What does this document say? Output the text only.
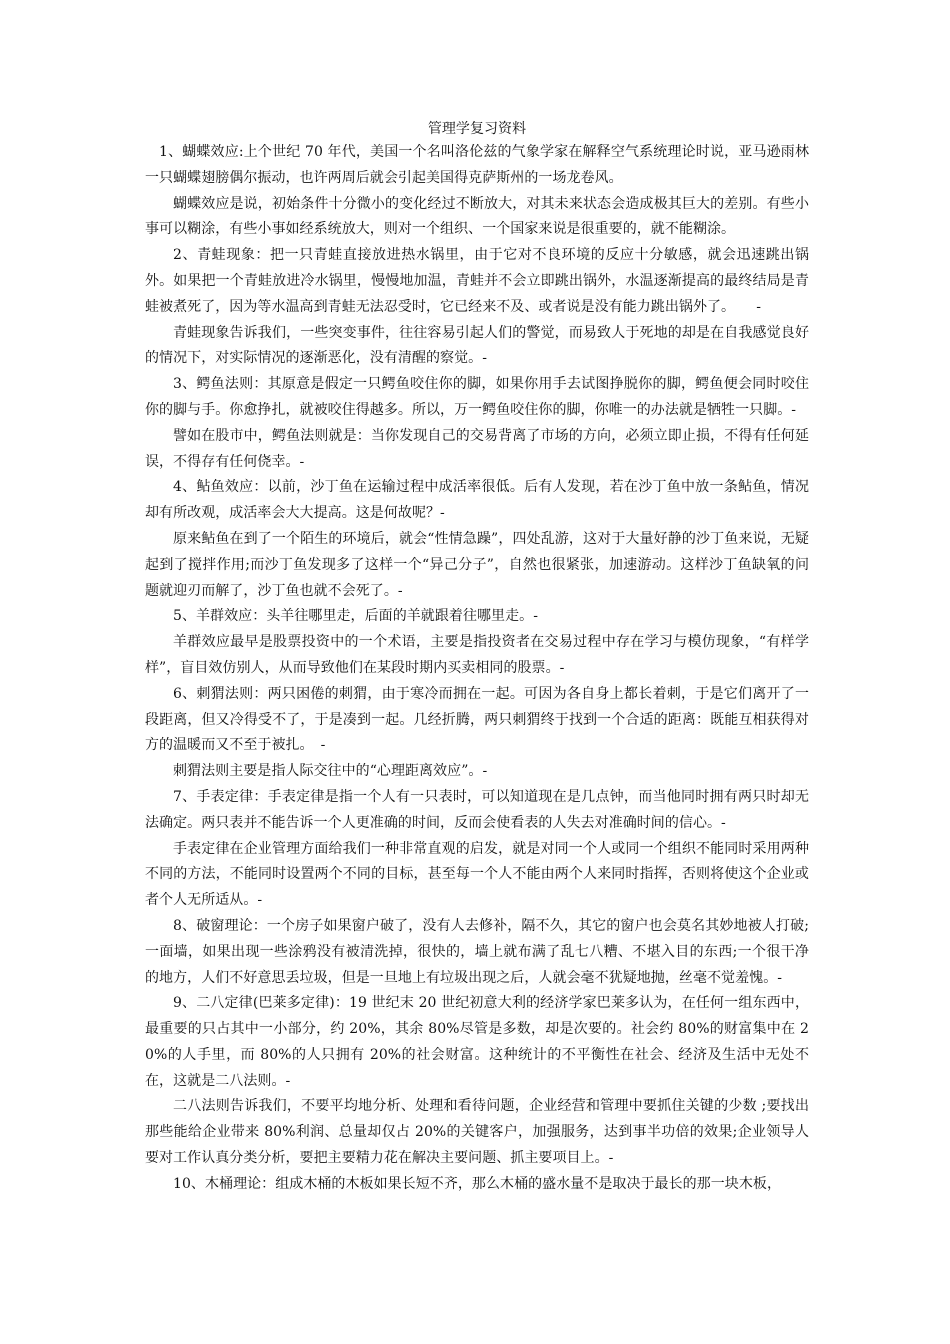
管理学复习资料

1、蝴蝶效应:上个世纪 70 年代，美国一个名叫洛伦兹的气象学家在解释空气系统理论时说，亚马逊雨林一只蝴蝶翅膀偶尔振动，也许两周后就会引起美国得克萨斯州的一场龙卷风。

蝴蝶效应是说，初始条件十分微小的变化经过不断放大，对其未来状态会造成极其巨大的差别。有些小事可以糊涂，有些小事如经系统放大，则对一个组织、一个国家来说是很重要的，就不能糊涂。

2、青蛙现象：把一只青蛙直接放进热水锅里，由于它对不良环境的反应十分敏感，就会迅速跳出锅外。如果把一个青蛙放进冷水锅里，慢慢地加温，青蛙并不会立即跳出锅外，水温逐渐提高的最终结局是青蛙被煮死了，因为等水温高到青蛙无法忍受时，它已经来不及、或者说是没有能力跳出锅外了。　　-

青蛙现象告诉我们，一些突变事件，往往容易引起人们的警觉，而易致人于死地的却是在自我感觉良好的情况下，对实际情况的逐渐恶化，没有清醒的察觉。-

3、鳄鱼法则：其原意是假定一只鳄鱼咬住你的脚，如果你用手去试图挣脱你的脚，鳄鱼便会同时咬住你的脚与手。你愈挣扎，就被咬住得越多。所以，万一鳄鱼咬住你的脚，你唯一的办法就是牺牲一只脚。-

譬如在股市中，鳄鱼法则就是：当你发现自己的交易背离了市场的方向，必须立即止损，不得有任何延误，不得存有任何侥幸。-

4、鲇鱼效应：以前，沙丁鱼在运输过程中成活率很低。后有人发现，若在沙丁鱼中放一条鲇鱼，情况却有所改观，成活率会大大提高。这是何故呢？-

原来鲇鱼在到了一个陌生的环境后，就会“性情急躁”，四处乱游，这对于大量好静的沙丁鱼来说，无疑起到了搅拌作用;而沙丁鱼发现多了这样一个“异己分子”，自然也很紧张，加速游动。这样沙丁鱼缺氧的问题就迎刃而解了，沙丁鱼也就不会死了。-

5、羊群效应：头羊往哪里走，后面的羊就跟着往哪里走。-

羊群效应最早是股票投资中的一个术语，主要是指投资者在交易过程中存在学习与模仿现象，“有样学样”，盲目效仿别人，从而导致他们在某段时期内买卖相同的股票。-

6、刺猬法则：两只困倦的刺猬，由于寒冷而拥在一起。可因为各自身上都长着刺，于是它们离开了一段距离，但又冷得受不了，于是凑到一起。几经折腾，两只刺猬终于找到一个合适的距离：既能互相获得对方的温暖而又不至于被扎。　-

刺猬法则主要是指人际交往中的“心理距离效应”。-

7、手表定律：手表定律是指一个人有一只表时，可以知道现在是几点钟，而当他同时拥有两只时却无法确定。两只表并不能告诉一个人更准确的时间，反而会使看表的人失去对准确时间的信心。-

手表定律在企业管理方面给我们一种非常直观的启发，就是对同一个人或同一个组织不能同时采用两种不同的方法，不能同时设置两个不同的目标，甚至每一个人不能由两个人来同时指挥，否则将使这个企业或者个人无所适从。-

8、破窗理论：一个房子如果窗户破了，没有人去修补，隔不久，其它的窗户也会莫名其妙地被人打破;一面墙，如果出现一些涂鸦没有被清洗掉，很快的，墙上就布满了乱七八糟、不堪入目的东西;一个很干净的地方，人们不好意思丢垃圾，但是一旦地上有垃圾出现之后，人就会毫不犹疑地抛，丝毫不觉羞愧。-

9、二八定律(巴莱多定律)：19 世纪末 20 世纪初意大利的经济学家巴莱多认为，在任何一组东西中，最重要的只占其中一小部分，约 20%，其余 80%尽管是多数，却是次要的。社会约 80%的财富集中在 20%的人手里，而 80%的人只拥有 20%的社会财富。这种统计的不平衡性在社会、经济及生活中无处不在，这就是二八法则。-

二八法则告诉我们，不要平均地分析、处理和看待问题，企业经营和管理中要抓住关键的少数 ;要找出那些能给企业带来 80%利润、总量却仅占 20%的关键客户，加强服务，达到事半功倍的效果;企业领导人要对工作认真分类分析，要把主要精力花在解决主要问题、抓主要项目上。-

10、木桶理论：组成木桶的木板如果长短不齐，那么木桶的盛水量不是取决于最长的那一块木板，
